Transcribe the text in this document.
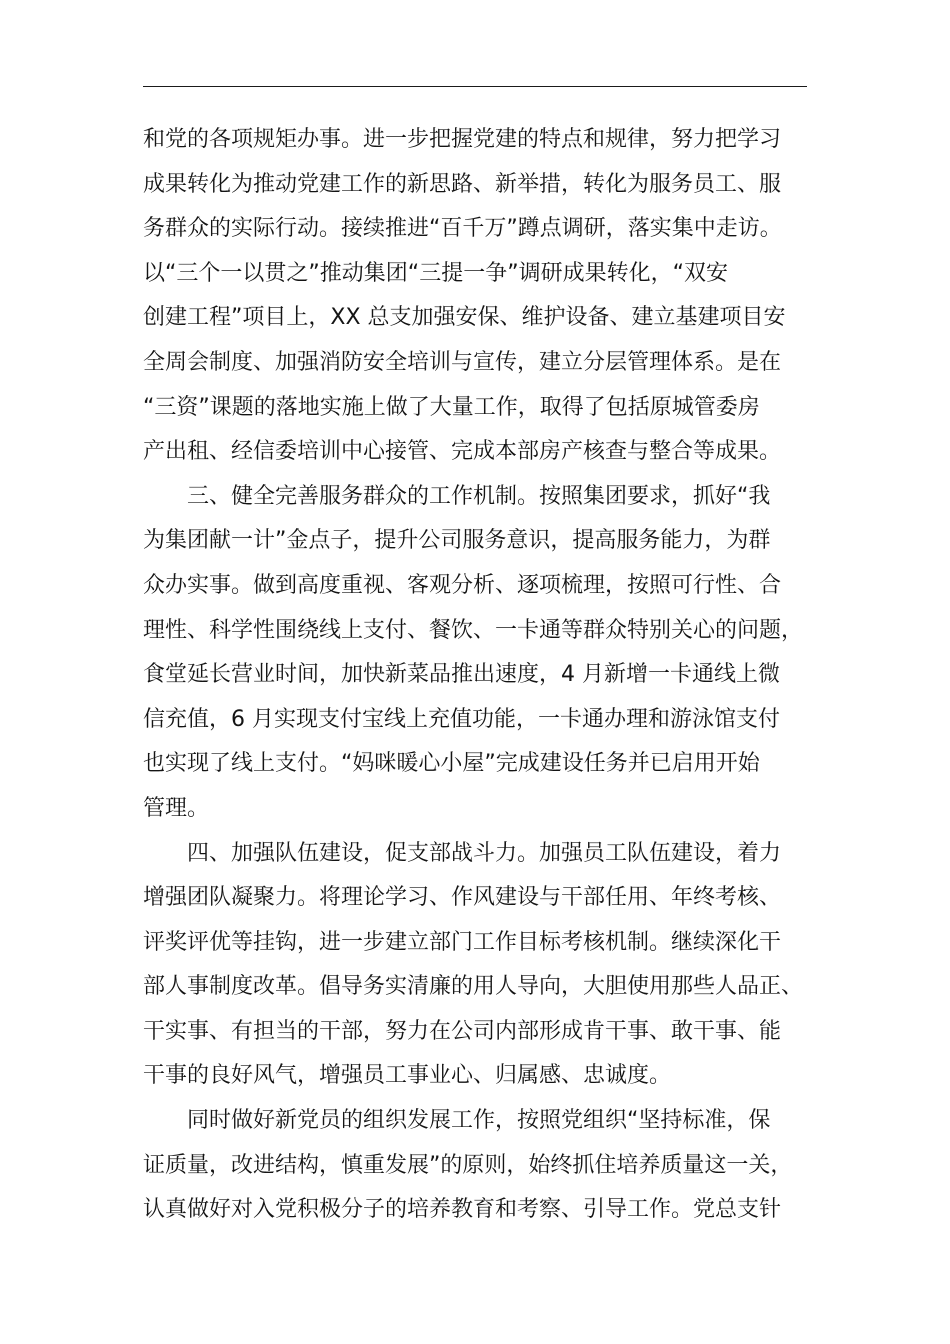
和党的各项规矩办事。进一步把握党建的特点和规律，努力把学习
成果转化为推动党建工作的新思路、新举措，转化为服务员工、服
务群众的实际行动。接续推进“百千万”蹲点调研，落实集中走访。
以“三个一以贯之”推动集团“三提一争”调研成果转化，“双安
创建工程”项目上，XX 总支加强安保、维护设备、建立基建项目安
全周会制度、加强消防安全培训与宣传，建立分层管理体系。是在
“三资”课题的落地实施上做了大量工作，取得了包括原城管委房
产出租、经信委培训中心接管、完成本部房产核查与整合等成果。
　　三、健全完善服务群众的工作机制。按照集团要求，抓好“我
为集团献一计”金点子，提升公司服务意识，提高服务能力，为群
众办实事。做到高度重视、客观分析、逐项梳理，按照可行性、合
理性、科学性围绕线上支付、餐饮、一卡通等群众特别关心的问题，
食堂延长营业时间，加快新菜品推出速度，4 月新增一卡通线上微
信充值，6 月实现支付宝线上充值功能，一卡通办理和游泳馆支付
也实现了线上支付。“妈咪暖心小屋”完成建设任务并已启用开始
管理。
　　四、加强队伍建设，促支部战斗力。加强员工队伍建设，着力
增强团队凝聚力。将理论学习、作风建设与干部任用、年终考核、
评奖评优等挂钩，进一步建立部门工作目标考核机制。继续深化干
部人事制度改革。倡导务实清廉的用人导向，大胆使用那些人品正、
干实事、有担当的干部，努力在公司内部形成肯干事、敢干事、能
干事的良好风气，增强员工事业心、归属感、忠诚度。
　　同时做好新党员的组织发展工作，按照党组织“坚持标准，保
证质量，改进结构，慎重发展”的原则，始终抓住培养质量这一关，
认真做好对入党积极分子的培养教育和考察、引导工作。党总支针
